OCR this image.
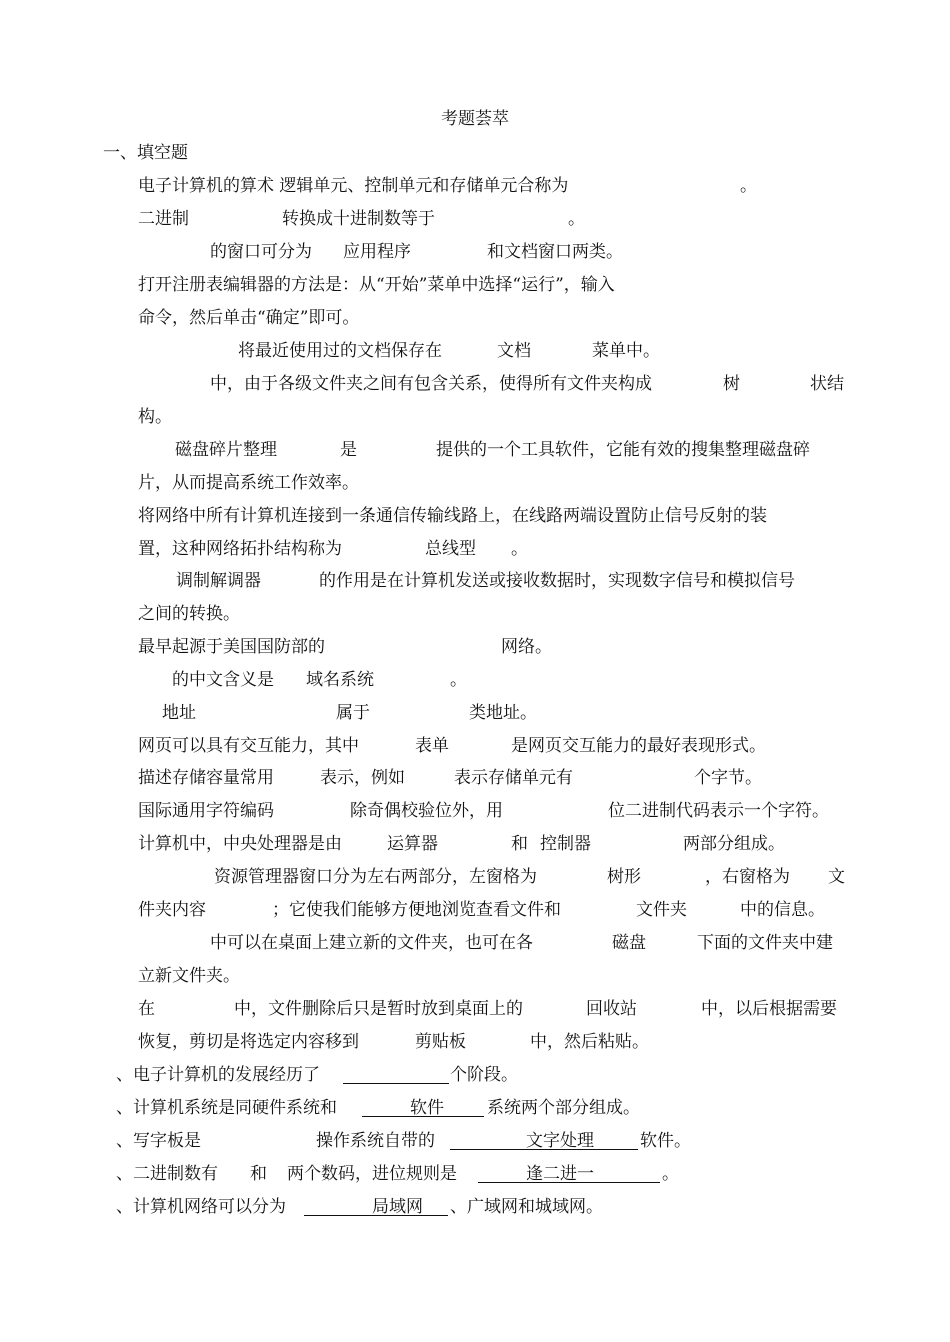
考题荟萃
一、填空题
电子计算机的算术 逻辑单元、控制单元和存储单元合称为	。
二进制	转换成十进制数等于	。
的窗口可分为 应用程序	和文档窗口两类。
打开注册表编辑器的方法是：从“开始”菜单中选择“运行”，输入
命令，然后单击“确定”即可。
将最近使用过的文档保存在	文档	菜单中。
中，由于各级文件夹之间有包含关系，使得所有文件夹构成	树	状结
构。
磁盘碎片整理	是	提供的一个工具软件，它能有效的搜集整理磁盘碎
片，从而提高系统工作效率。
将网络中所有计算机连接到一条通信传输线路上，在线路两端设置防止信号反射的装
置，这种网络拓扑结构称为	总线型 。
调制解调器	的作用是在计算机发送或接收数据时，实现数字信号和模拟信号
之间的转换。
最早起源于美国国防部的	网络。
的中文含义是 域名系统	。
地址	属于	类地址。
网页可以具有交互能力，其中	表单	是网页交互能力的最好表现形式。
描述存储容量常用	表示，例如	表示存储单元有	个字节。
国际通用字符编码	除奇偶校验位外，用	位二进制代码表示一个字符。
计算机中，中央处理器是由	运算器	和 控制器	两部分组成。
资源管理器窗口分为左右两部分，左窗格为	树形	，右窗格为 文
件夹内容	；它使我们能够方便地浏览查看文件和	文件夹	中的信息。
中可以在桌面上建立新的文件夹，也可在各	磁盘	下面的文件夹中建
立新文件夹。
在	中，文件删除后只是暂时放到桌面上的	回收站	中，以后根据需要
恢复，剪切是将选定内容移到	剪贴板	中，然后粘贴。
、电子计算机的发展经历了	个阶段。
、计算机系统是同硬件系统和	软件	系统两个部分组成。
、写字板是	操作系统自带的	文字处理	软件。
、二进制数有 和 两个数码，进位规则是	逢二进一	。
、计算机网络可以分为	局域网 、广域网和城域网。
